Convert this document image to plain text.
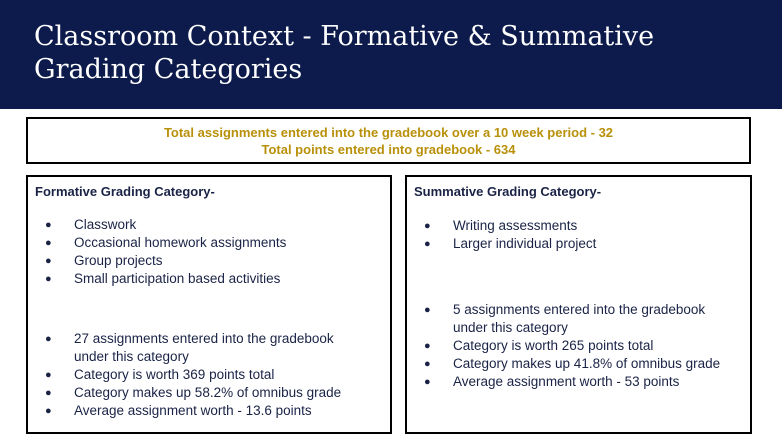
Classroom Context - Formative & Summative
Grading Categories
Total assignments entered into the gradebook over a 10 week period - 32
Total points entered into gradebook - 634
Formative Grading Category-
● Classwork
● Occasional homework assignments
● Group projects
● Small participation based activities
● 27 assignments entered into the gradebook under this category
● Category is worth 369 points total
● Category makes up 58.2% of omnibus grade
● Average assignment worth - 13.6 points
Summative Grading Category-
● Writing assessments
● Larger individual project
● 5 assignments entered into the gradebook under this category
● Category is worth 265 points total
● Category makes up 41.8% of omnibus grade
● Average assignment worth - 53 points
